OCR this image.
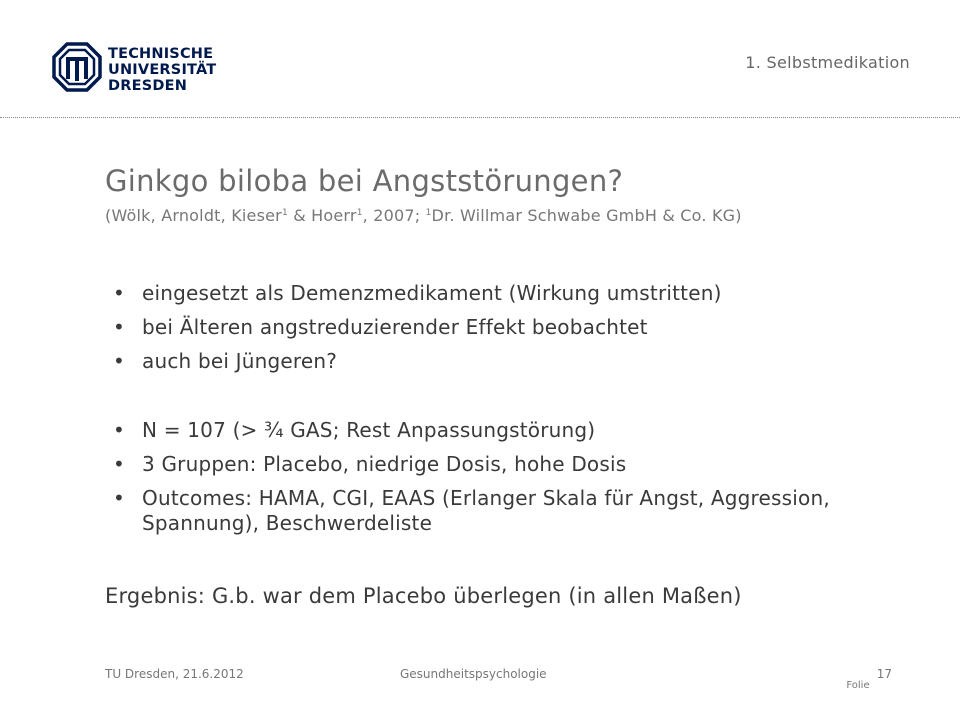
TECHNISCHE
UNIVERSITÄT
DRESDEN
1. Selbstmedikation
Ginkgo biloba bei Angststörungen?
(Wölk, Arnoldt, Kieser$^1$ & Hoerr$^1$, 2007; $^1$Dr. Willmar Schwabe GmbH & Co. KG)
• eingesetzt als Demenzmedikament (Wirkung umstritten)
• bei Älteren angstreduzierender Effekt beobachtet
• auch bei Jüngeren?
• N = 107 (> ¾ GAS; Rest Anpassungstörung)
• 3 Gruppen: Placebo, niedrige Dosis, hohe Dosis
• Outcomes: HAMA, CGI, EAAS (Erlanger Skala für Angst, Aggression, Spannung), Beschwerdeliste
Ergebnis: G.b. war dem Placebo überlegen (in allen Maßen)
TU Dresden, 21.6.2012	Gesundheitspsychologie
$_{Folie}$ 17
